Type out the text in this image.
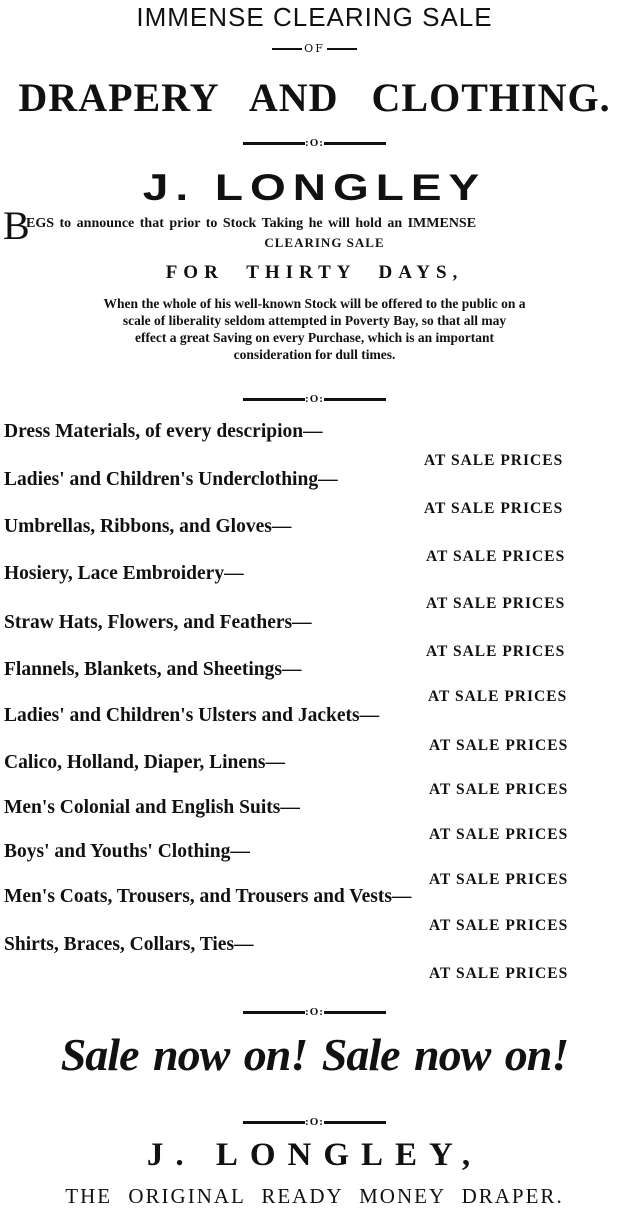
IMMENSE CLEARING SALE
OF
DRAPERY AND CLOTHING.
:O:
J. LONGLEY
B
EGS to announce that prior to Stock Taking he will hold an IMMENSE
CLEARING SALE
FOR THIRTY DAYS,
When the whole of his well-known Stock will be offered to the public on a
scale of liberality seldom attempted in Poverty Bay, so that all may
effect a great Saving on every Purchase, which is an important
consideration for dull times.
:O:
Dress Materials, of every descripion—
AT SALE PRICES
Ladies' and Children's Underclothing—
AT SALE PRICES
Umbrellas, Ribbons, and Gloves—
AT SALE PRICES
Hosiery, Lace Embroidery—
AT SALE PRICES
Straw Hats, Flowers, and Feathers—
AT SALE PRICES
Flannels, Blankets, and Sheetings—
AT SALE PRICES
Ladies' and Children's Ulsters and Jackets—
AT SALE PRICES
Calico, Holland, Diaper, Linens—
AT SALE PRICES
Men's Colonial and English Suits—
AT SALE PRICES
Boys' and Youths' Clothing—
AT SALE PRICES
Men's Coats, Trousers, and Trousers and Vests—
AT SALE PRICES
Shirts, Braces, Collars, Ties—
AT SALE PRICES
:O:
Sale now on! Sale now on!
:O:
J. LONGLEY,
THE ORIGINAL READY MONEY DRAPER.
